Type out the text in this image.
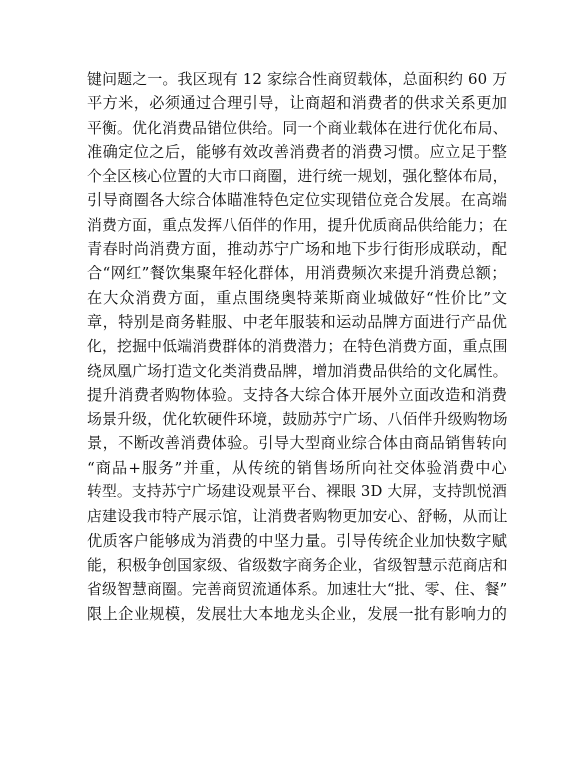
键问题之一。我区现有 12 家综合性商贸载体，总面积约 60 万
平方米，必须通过合理引导，让商超和消费者的供求关系更加
平衡。优化消费品错位供给。同一个商业载体在进行优化布局、
准确定位之后，能够有效改善消费者的消费习惯。应立足于整
个全区核心位置的大市口商圈，进行统一规划，强化整体布局，
引导商圈各大综合体瞄准特色定位实现错位竞合发展。在高端
消费方面，重点发挥八佰伴的作用，提升优质商品供给能力；在
青春时尚消费方面，推动苏宁广场和地下步行街形成联动，配
合“网红”餐饮集聚年轻化群体，用消费频次来提升消费总额；
在大众消费方面，重点围绕奥特莱斯商业城做好“性价比”文
章，特别是商务鞋服、中老年服装和运动品牌方面进行产品优
化，挖掘中低端消费群体的消费潜力；在特色消费方面，重点围
绕凤凰广场打造文化类消费品牌，增加消费品供给的文化属性。
提升消费者购物体验。支持各大综合体开展外立面改造和消费
场景升级，优化软硬件环境，鼓励苏宁广场、八佰伴升级购物场
景，不断改善消费体验。引导大型商业综合体由商品销售转向
“商品+服务”并重，从传统的销售场所向社交体验消费中心
转型。支持苏宁广场建设观景平台、裸眼 3D 大屏，支持凯悦酒
店建设我市特产展示馆，让消费者购物更加安心、舒畅，从而让
优质客户能够成为消费的中坚力量。引导传统企业加快数字赋
能，积极争创国家级、省级数字商务企业，省级智慧示范商店和
省级智慧商圈。完善商贸流通体系。加速壮大“批、零、住、餐”
限上企业规模，发展壮大本地龙头企业，发展一批有影响力的
